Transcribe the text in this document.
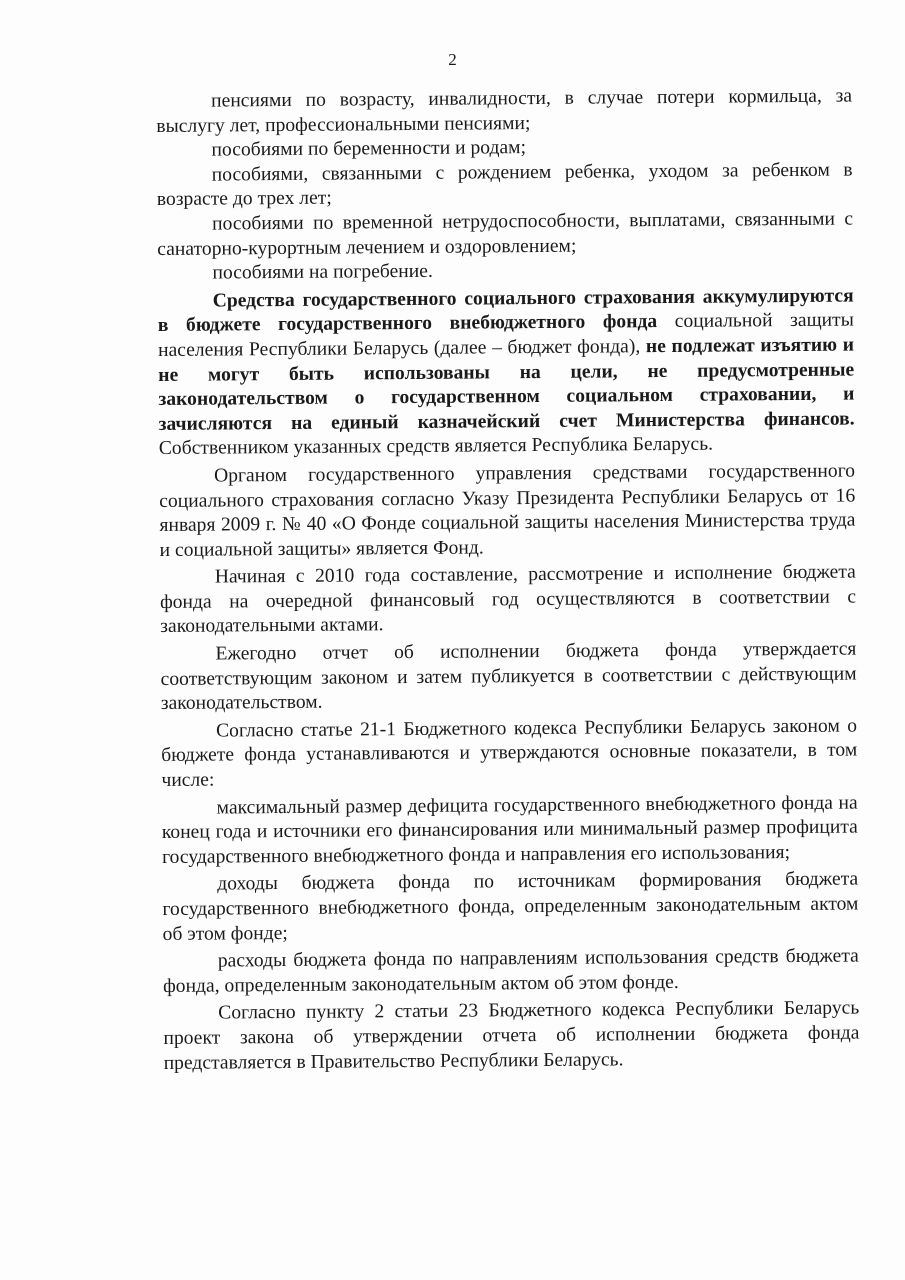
2

пенсиями по возрасту, инвалидности, в случае потери кормильца, за выслугу лет, профессиональными пенсиями;

пособиями по беременности и родам;

пособиями, связанными с рождением ребенка, уходом за ребенком в возрасте до трех лет;

пособиями по временной нетрудоспособности, выплатами, связанными с санаторно-курортным лечением и оздоровлением;

пособиями на погребение.

Средства государственного социального страхования аккумулируются в бюджете государственного внебюджетного фонда социальной защиты населения Республики Беларусь (далее – бюджет фонда), не подлежат изъятию и не могут быть использованы на цели, не предусмотренные законодательством о государственном социальном страховании, и зачисляются на единый казначейский счет Министерства финансов. Собственником указанных средств является Республика Беларусь.

Органом государственного управления средствами государственного социального страхования согласно Указу Президента Республики Беларусь от 16 января 2009 г. № 40 «О Фонде социальной защиты населения Министерства труда и социальной защиты» является Фонд.

Начиная с 2010 года составление, рассмотрение и исполнение бюджета фонда на очередной финансовый год осуществляются в соответствии с законодательными актами.

Ежегодно отчет об исполнении бюджета фонда утверждается соответствующим законом и затем публикуется в соответствии с действующим законодательством.

Согласно статье 21-1 Бюджетного кодекса Республики Беларусь законом о бюджете фонда устанавливаются и утверждаются основные показатели, в том числе:

максимальный размер дефицита государственного внебюджетного фонда на конец года и источники его финансирования или минимальный размер профицита государственного внебюджетного фонда и направления его использования;

доходы бюджета фонда по источникам формирования бюджета государственного внебюджетного фонда, определенным законодательным актом об этом фонде;

расходы бюджета фонда по направлениям использования средств бюджета фонда, определенным законодательным актом об этом фонде.

Согласно пункту 2 статьи 23 Бюджетного кодекса Республики Беларусь проект закона об утверждении отчета об исполнении бюджета фонда представляется в Правительство Республики Беларусь.
